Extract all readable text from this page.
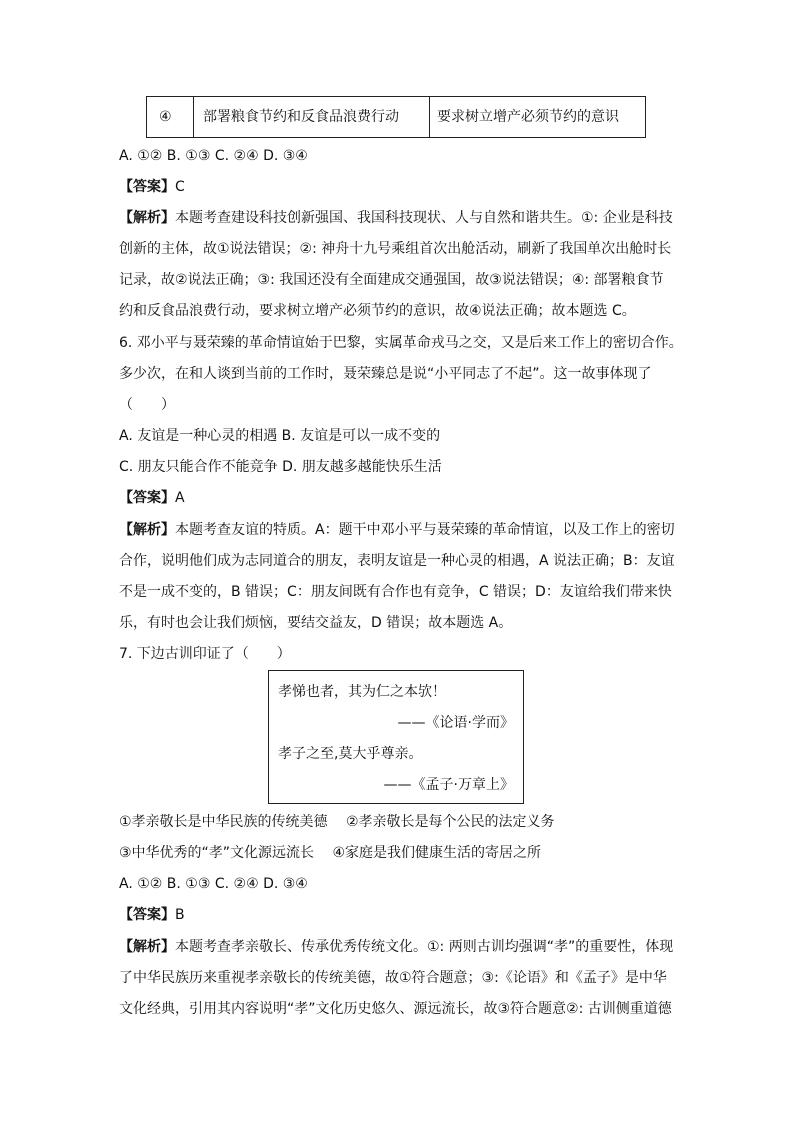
④ 部署粮食节约和反食品浪费行动	要求树立增产必须节约的意识
A. ①② B. ①③ C. ②④ D. ③④
【答案】C
【解析】本题考查建设科技创新强国、我国科技现状、人与自然和谐共生。①: 企业是科技
创新的主体，故①说法错误；②: 神舟十九号乘组首次出舱活动，刷新了我国单次出舱时长
记录，故②说法正确；③: 我国还没有全面建成交通强国，故③说法错误；④: 部署粮食节
约和反食品浪费行动，要求树立增产必须节约的意识，故④说法正确；故本题选 C。
6. 邓小平与聂荣臻的革命情谊始于巴黎，实属革命戎马之交，又是后来工作上的密切合作。
多少次，在和人谈到当前的工作时，聂荣臻总是说“小平同志了不起”。这一故事体现了
（　　）
A. 友谊是一种心灵的相遇 B. 友谊是可以一成不变的
C. 朋友只能合作不能竞争 D. 朋友越多越能快乐生活
【答案】A
【解析】本题考查友谊的特质。A：题干中邓小平与聂荣臻的革命情谊，以及工作上的密切
合作，说明他们成为志同道合的朋友，表明友谊是一种心灵的相遇，A 说法正确；B：友谊
不是一成不变的，B 错误；C：朋友间既有合作也有竞争，C 错误；D：友谊给我们带来快
乐，有时也会让我们烦恼，要结交益友，D 错误；故本题选 A。
7. 下边古训印证了（　　）
孝悌也者，其为仁之本欤！
——《论语·学而》
孝子之至,莫大乎尊亲。
——《孟子·万章上》
①孝亲敬长是中华民族的传统美德　 ②孝亲敬长是每个公民的法定义务
③中华优秀的“孝”文化源远流长　 ④家庭是我们健康生活的寄居之所
A. ①② B. ①③ C. ②④ D. ③④
【答案】B
【解析】本题考查孝亲敬长、传承优秀传统文化。①: 两则古训均强调“孝”的重要性，体现
了中华民族历来重视孝亲敬长的传统美德，故①符合题意；③:《论语》和《孟子》是中华
文化经典，引用其内容说明“孝”文化历史悠久、源远流长，故③符合题意②: 古训侧重道德
